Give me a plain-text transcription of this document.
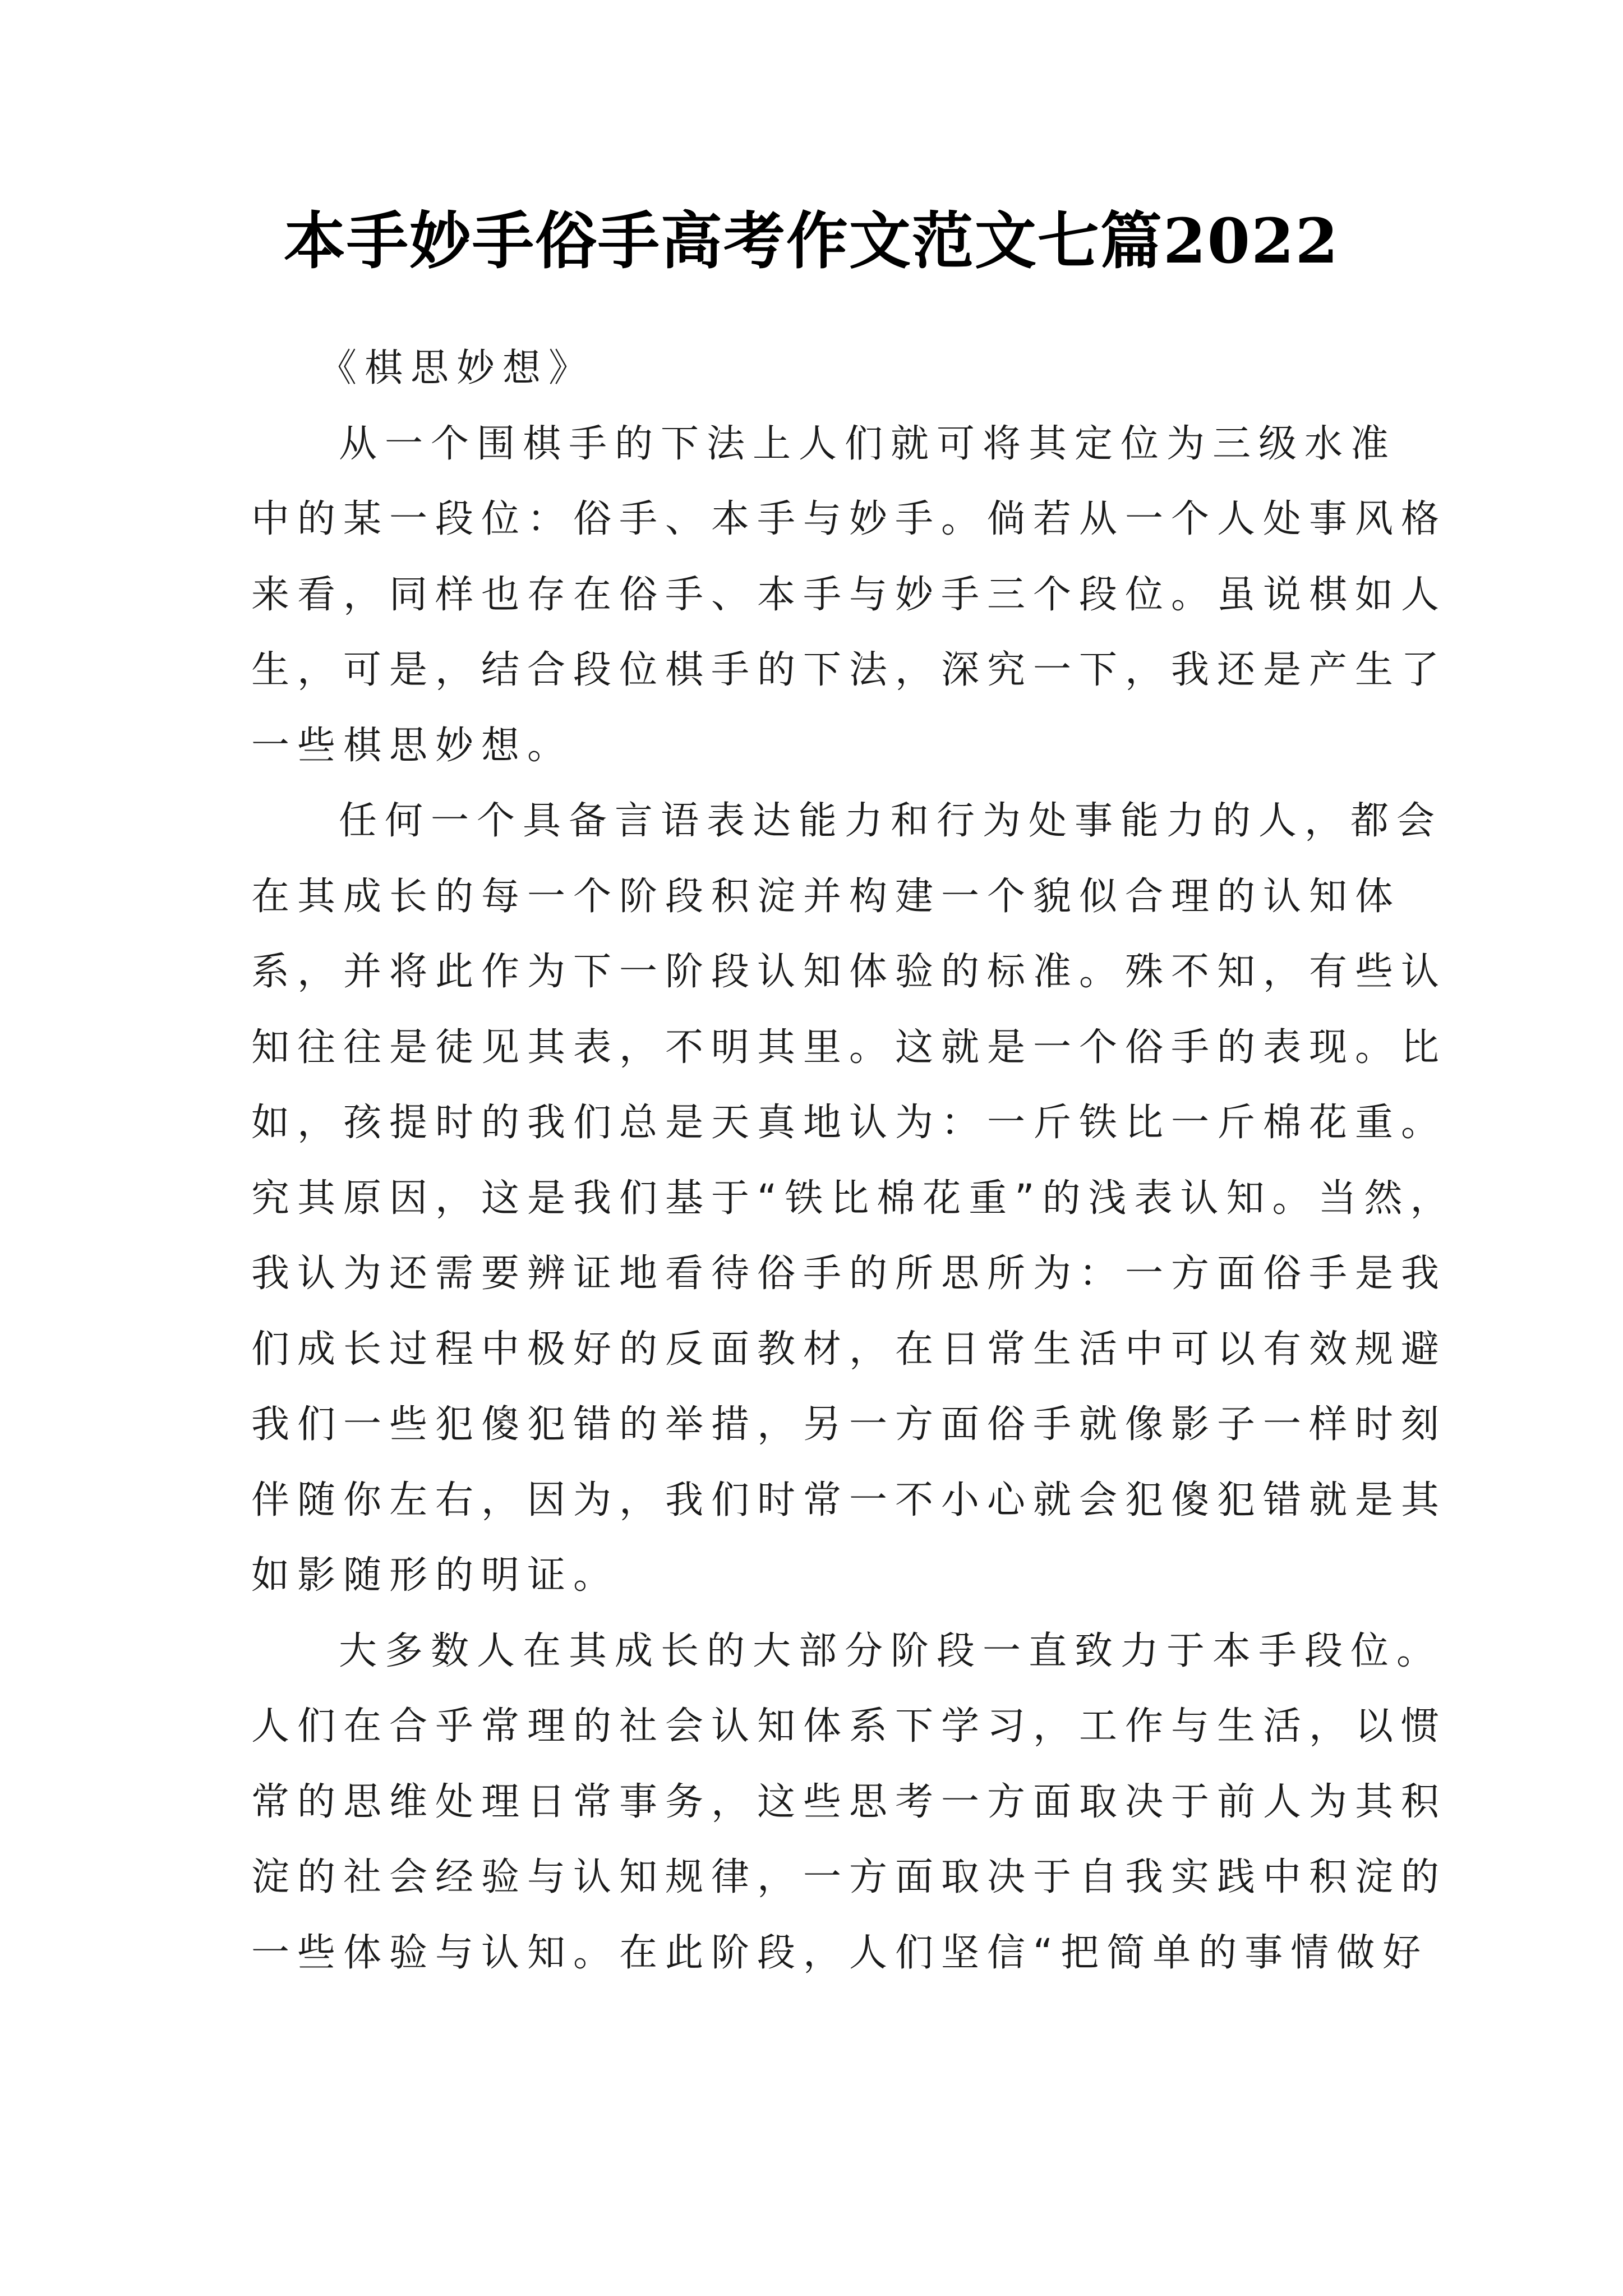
本手妙手俗手高考作文范文七篇2022
《棋思妙想》
从一个围棋手的下法上人们就可将其定位为三级水准
中的某一段位：俗手、本手与妙手。倘若从一个人处事风格
来看，同样也存在俗手、本手与妙手三个段位。虽说棋如人
生，可是，结合段位棋手的下法，深究一下，我还是产生了
一些棋思妙想。
任何一个具备言语表达能力和行为处事能力的人，都会
在其成长的每一个阶段积淀并构建一个貌似合理的认知体
系，并将此作为下一阶段认知体验的标准。殊不知，有些认
知往往是徒见其表，不明其里。这就是一个俗手的表现。比
如，孩提时的我们总是天真地认为：一斤铁比一斤棉花重。
究其原因，这是我们基于“铁比棉花重”的浅表认知。当然，
我认为还需要辨证地看待俗手的所思所为：一方面俗手是我
们成长过程中极好的反面教材，在日常生活中可以有效规避
我们一些犯傻犯错的举措，另一方面俗手就像影子一样时刻
伴随你左右，因为，我们时常一不小心就会犯傻犯错就是其
如影随形的明证。
大多数人在其成长的大部分阶段一直致力于本手段位。
人们在合乎常理的社会认知体系下学习，工作与生活，以惯
常的思维处理日常事务，这些思考一方面取决于前人为其积
淀的社会经验与认知规律，一方面取决于自我实践中积淀的
一些体验与认知。在此阶段，人们坚信“把简单的事情做好
